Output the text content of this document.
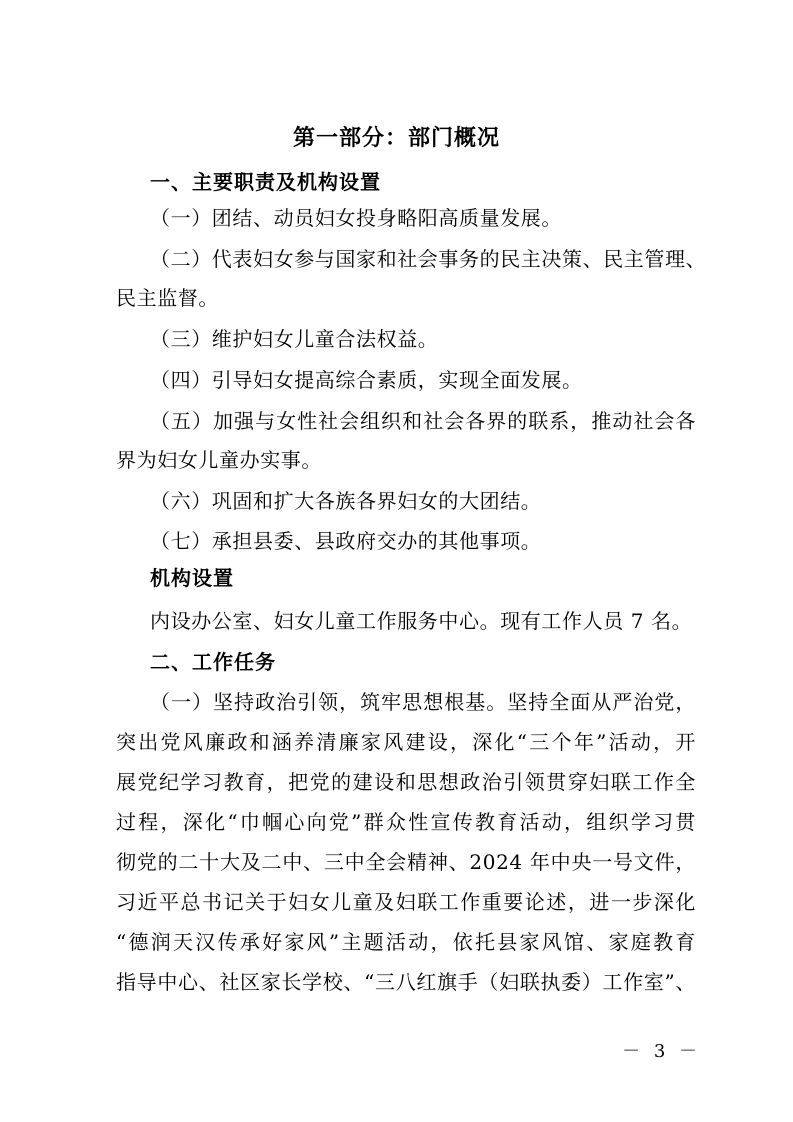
第一部分：部门概况
一、主要职责及机构设置
（一）团结、动员妇女投身略阳高质量发展。
（二）代表妇女参与国家和社会事务的民主决策、民主管理、
民主监督。
（三）维护妇女儿童合法权益。
（四）引导妇女提高综合素质，实现全面发展。
（五）加强与女性社会组织和社会各界的联系，推动社会各
界为妇女儿童办实事。
（六）巩固和扩大各族各界妇女的大团结。
（七）承担县委、县政府交办的其他事项。
机构设置
内设办公室、妇女儿童工作服务中心。现有工作人员 7 名。
二、工作任务
（一）坚持政治引领，筑牢思想根基。坚持全面从严治党，
突出党风廉政和涵养清廉家风建设，深化“三个年”活动，开
展党纪学习教育，把党的建设和思想政治引领贯穿妇联工作全
过程，深化“巾帼心向党”群众性宣传教育活动，组织学习贯
彻党的二十大及二中、三中全会精神、2024 年中央一号文件，
习近平总书记关于妇女儿童及妇联工作重要论述，进一步深化
“德润天汉传承好家风”主题活动，依托县家风馆、家庭教育
指导中心、社区家长学校、“三八红旗手（妇联执委）工作室”、
－ 3 －
